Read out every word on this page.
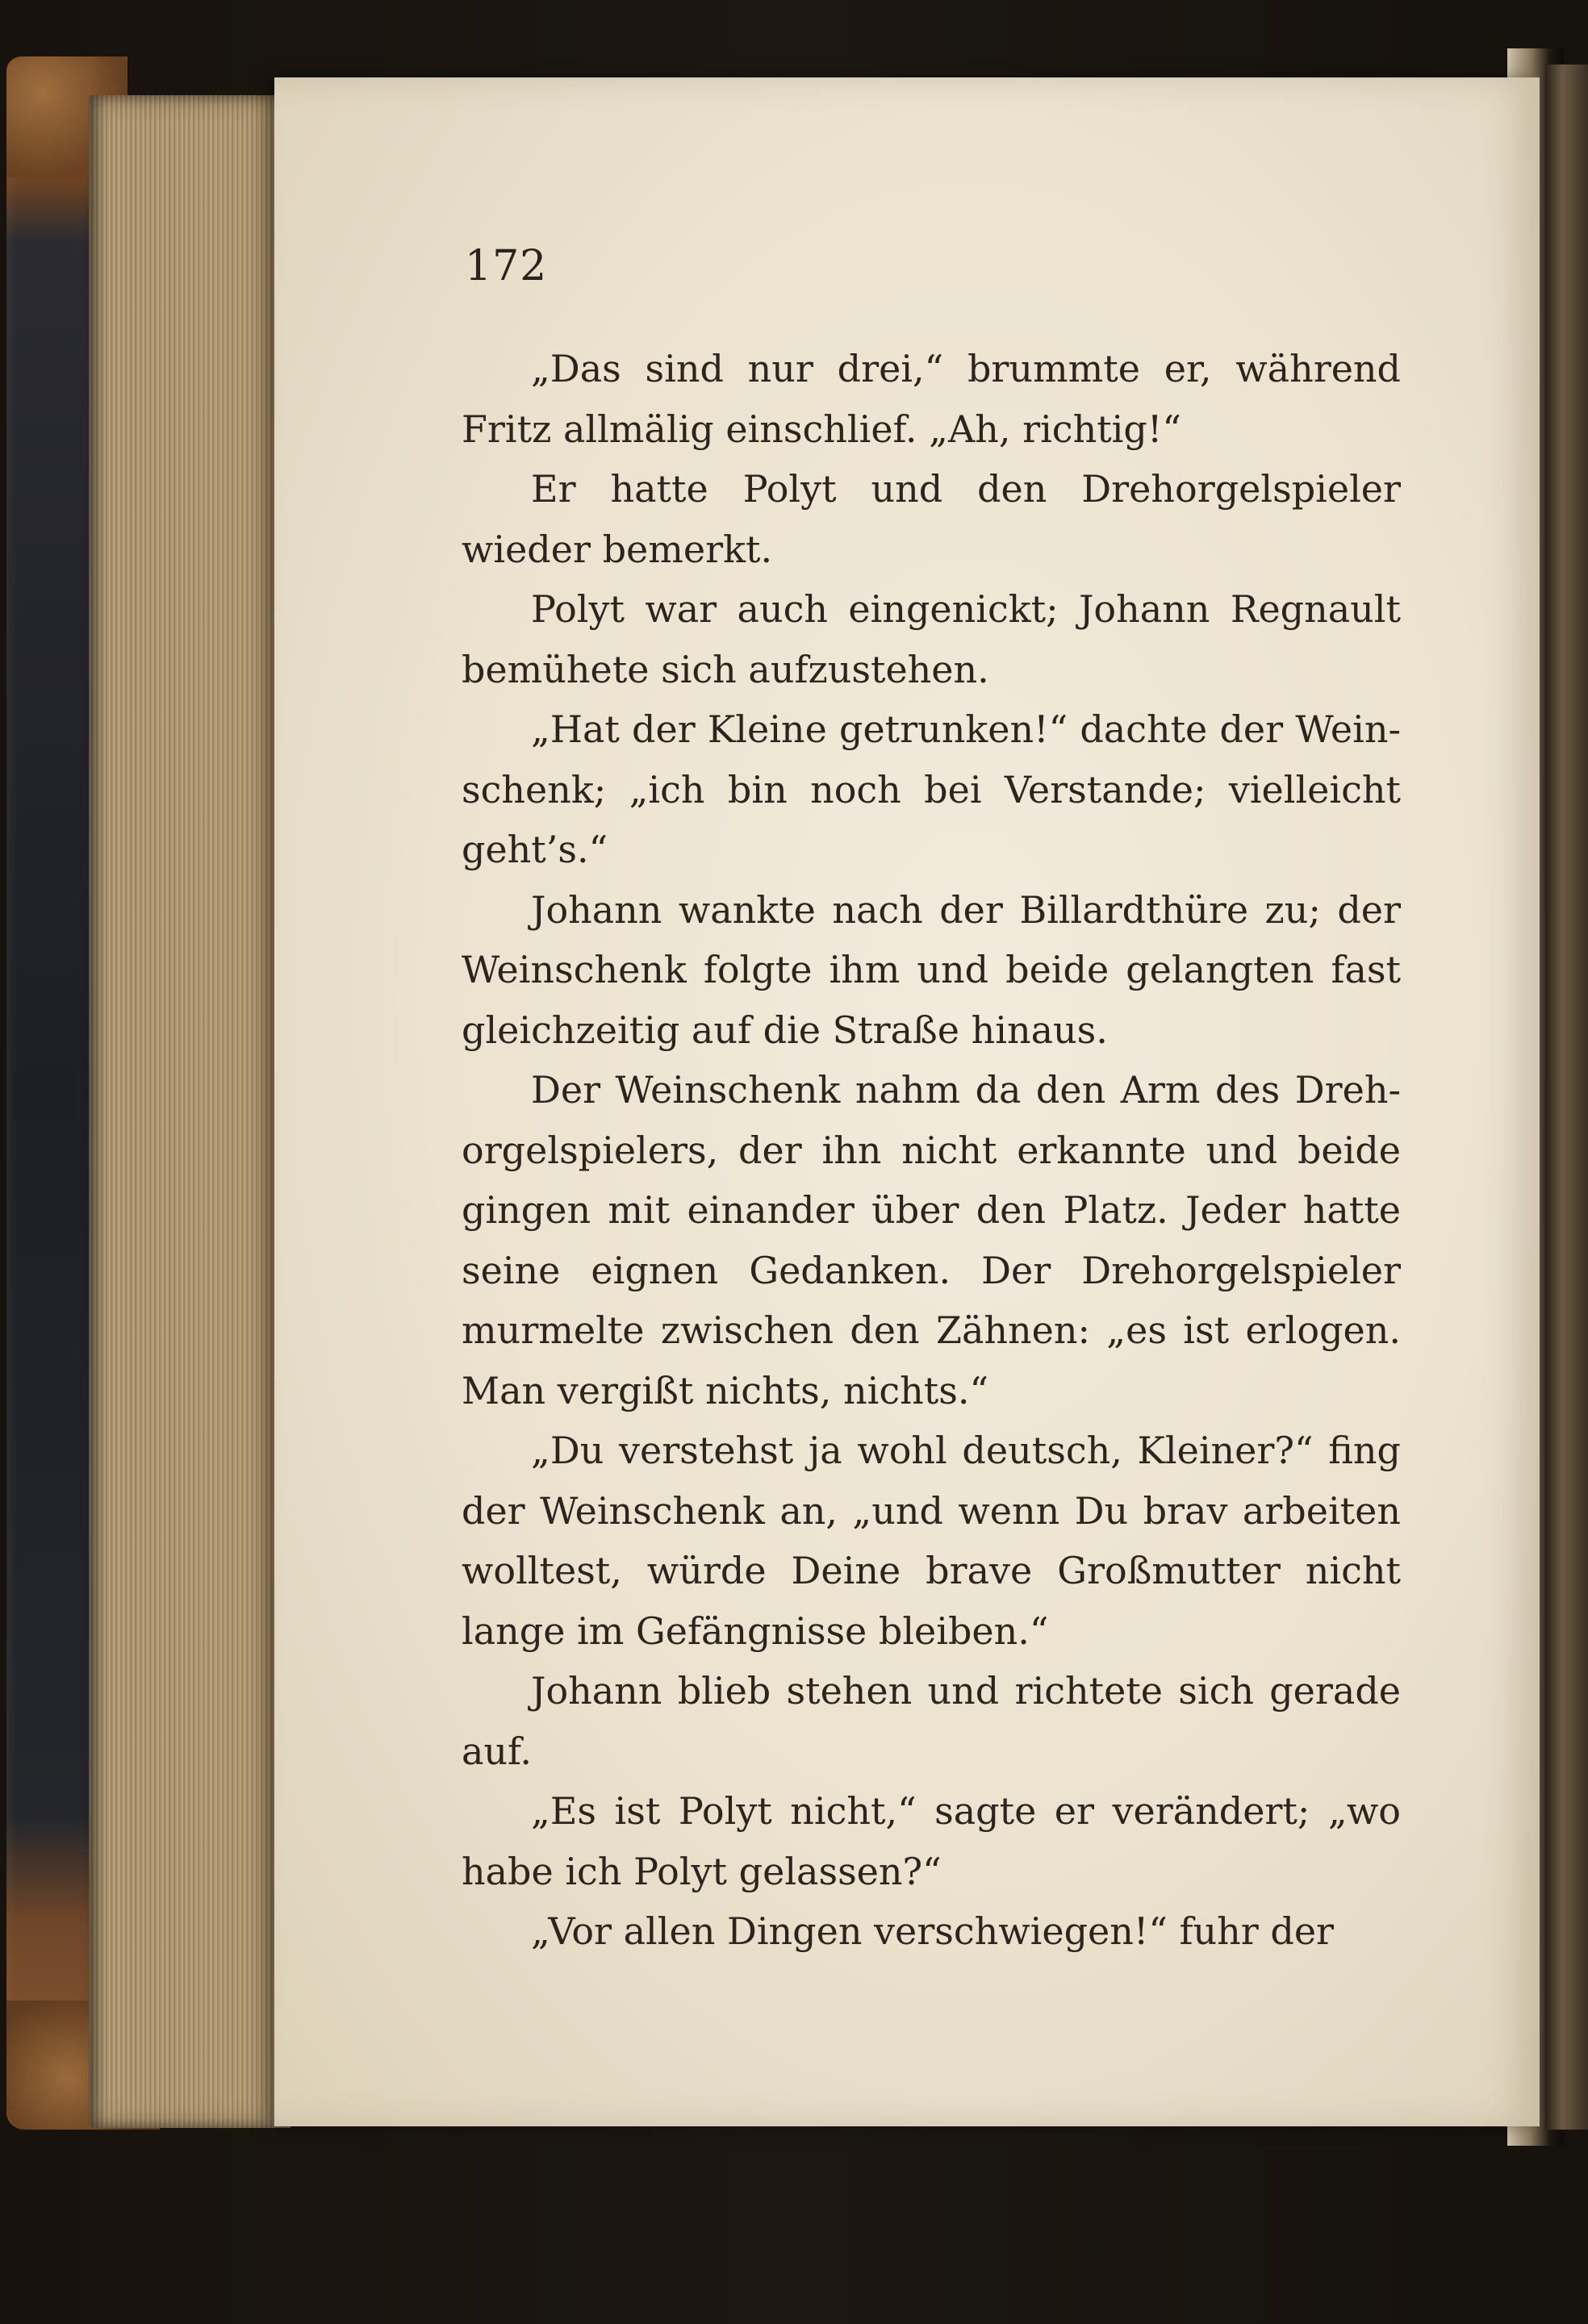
172

„Das sind nur drei,“ brummte er, während Fritz allmälig einschlief. „Ah, richtig!“

Er hatte Polyt und den Drehorgelspieler wieder bemerkt.

Polyt war auch eingenickt; Johann Regnault bemühete sich aufzustehen.

„Hat der Kleine getrunken!“ dachte der Weinschenk; „ich bin noch bei Verstande; vielleicht geht’s.“

Johann wankte nach der Billardthüre zu; der Weinschenk folgte ihm und beide gelangten fast gleichzeitig auf die Straße hinaus.

Der Weinschenk nahm da den Arm des Drehorgelspielers, der ihn nicht erkannte und beide gingen mit einander über den Platz. Jeder hatte seine eignen Gedanken. Der Drehorgelspieler murmelte zwischen den Zähnen: „es ist erlogen. Man vergißt nichts, nichts.“

„Du verstehst ja wohl deutsch, Kleiner?“ fing der Weinschenk an, „und wenn Du brav arbeiten wolltest, würde Deine brave Großmutter nicht lange im Gefängnisse bleiben.“

Johann blieb stehen und richtete sich gerade auf.

„Es ist Polyt nicht,“ sagte er verändert; „wo habe ich Polyt gelassen?“

„Vor allen Dingen verschwiegen!“ fuhr der
